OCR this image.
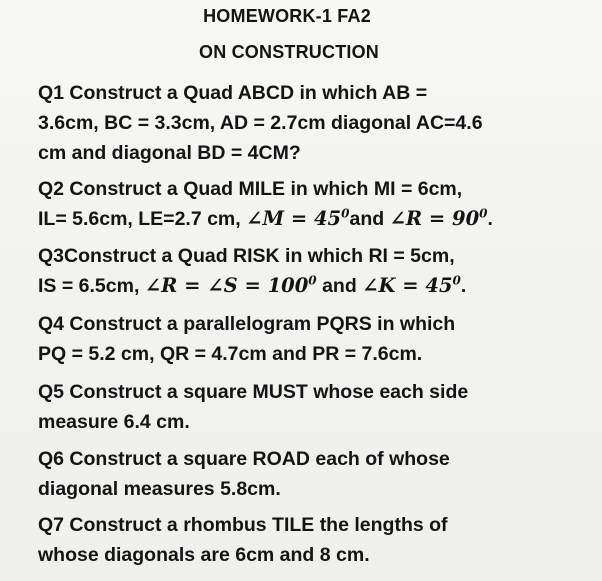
HOMEWORK-1 FA2
ON CONSTRUCTION

Q1 Construct a Quad ABCD in which AB =
3.6cm, BC = 3.3cm, AD = 2.7cm diagonal AC=4.6
cm and diagonal BD = 4CM?

Q2 Construct a Quad MILE in which MI = 6cm,
IL= 5.6cm, LE=2.7 cm, ∠M = $45^0and$ ∠R = $90^0$.

Q3Construct a Quad RISK in which RI = 5cm,
IS = 6.5cm, ∠R = ∠S = $100^0$ and ∠K = $45^0$.

Q4 Construct a parallelogram PQRS in which
PQ = 5.2 cm, QR = 4.7cm and PR = 7.6cm.

Q5 Construct a square MUST whose each side
measure 6.4 cm.

Q6 Construct a square ROAD each of whose
diagonal measures 5.8cm.

Q7 Construct a rhombus TILE the lengths of
whose diagonals are 6cm and 8 cm.
